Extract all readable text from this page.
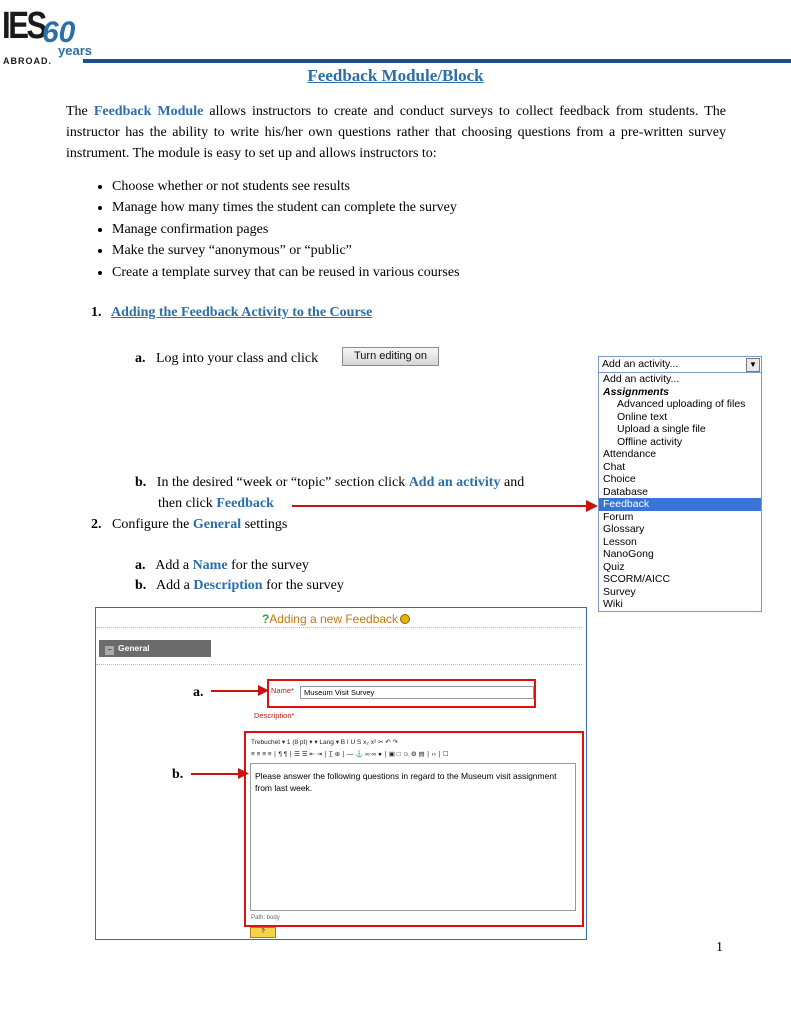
IES
60
years
ABROAD.
Feedback Module/Block
The Feedback Module allows instructors to create and conduct surveys to collect feedback from students. The instructor has the ability to write his/her own questions rather that choosing questions from a pre-written survey instrument. The module is easy to set up and allows instructors to:
• Choose whether or not students see results
• Manage how many times the student can complete the survey
• Manage confirmation pages
• Make the survey “anonymous” or “public”
• Create a template survey that can be reused in various courses
1. Adding the Feedback Activity to the Course
a. Log into your class and click	Turn editing on
b. In the desired “week or “topic” section click Add an activity and
then click Feedback
2. Configure the General settings
a. Add a Name for the survey
b. Add a Description for the survey
Add an activity...	▼
Add an activity...
Assignments
Advanced uploading of files
Online text
Upload a single file
Offline activity
Attendance
Chat
Choice
Database
Feedback
Forum
Glossary
Lesson
NanoGong
Quiz
SCORM/AICC
Survey
Wiki
?Adding a new Feedback
− General
Name*	Museum Visit Survey
Description*
Trebuchet ▾ 1 (8 pt) ▾ ▾ Lang ▾ B I U S x₂ x² ✂ ↶ ↷
≡ ≡ ≡ ≡ ∣ ¶ ¶ ∣ ☰ ☰ ⇤ ⇥ ∣ T̲ ⊕ ∣ — ⚓ ∞ ∞ ● ∣ ▣ □ ☺ ⚙ ▤ ∣ ‹› ∣ ☐
Please answer the following questions in regard to the Museum visit assignment from last week.
Path: body
?
a.
b.
1
